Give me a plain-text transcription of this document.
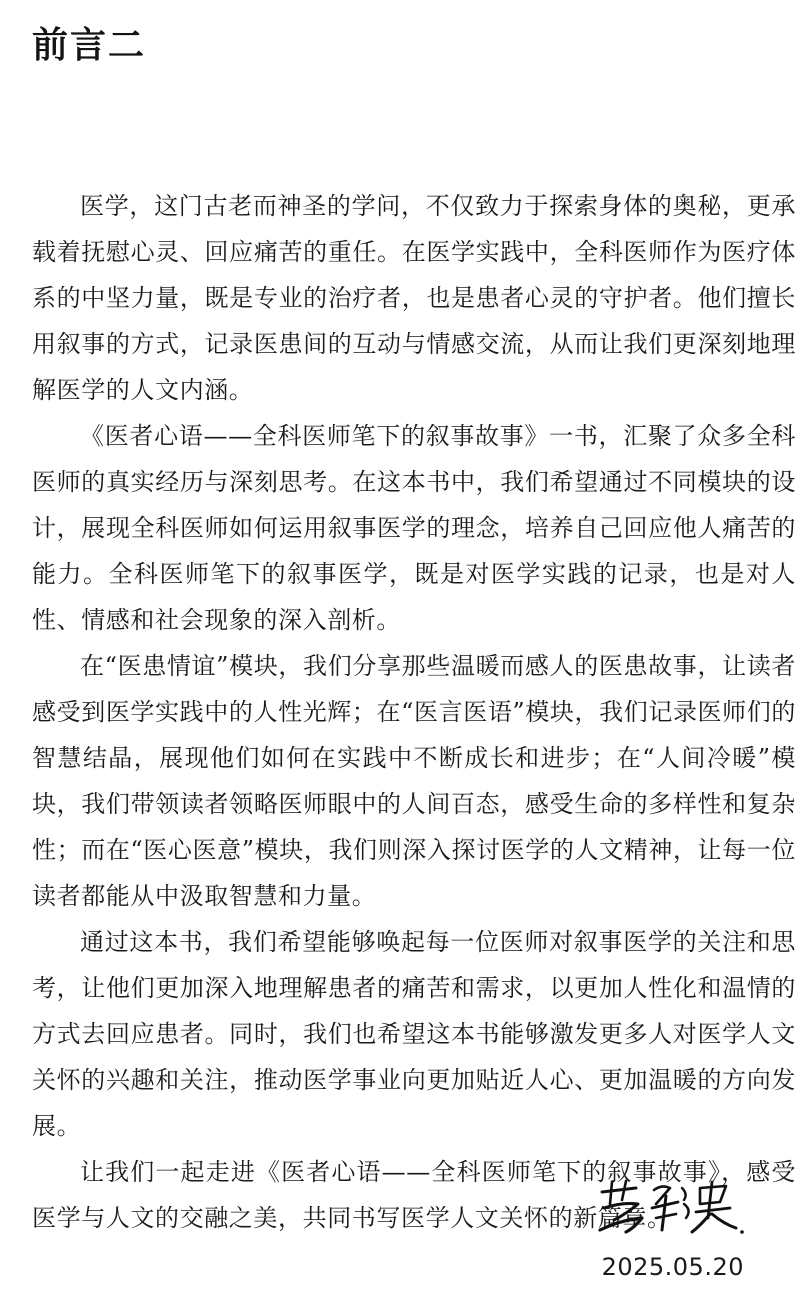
前言二

医学，这门古老而神圣的学问，不仅致力于探索身体的奥秘，更承载着抚慰心灵、回应痛苦的重任。在医学实践中，全科医师作为医疗体系的中坚力量，既是专业的治疗者，也是患者心灵的守护者。他们擅长用叙事的方式，记录医患间的互动与情感交流，从而让我们更深刻地理解医学的人文内涵。

《医者心语——全科医师笔下的叙事故事》一书，汇聚了众多全科医师的真实经历与深刻思考。在这本书中，我们希望通过不同模块的设计，展现全科医师如何运用叙事医学的理念，培养自己回应他人痛苦的能力。全科医师笔下的叙事医学，既是对医学实践的记录，也是对人性、情感和社会现象的深入剖析。

在“医患情谊”模块，我们分享那些温暖而感人的医患故事，让读者感受到医学实践中的人性光辉；在“医言医语”模块，我们记录医师们的智慧结晶，展现他们如何在实践中不断成长和进步；在“人间冷暖”模块，我们带领读者领略医师眼中的人间百态，感受生命的多样性和复杂性；而在“医心医意”模块，我们则深入探讨医学的人文精神，让每一位读者都能从中汲取智慧和力量。

通过这本书，我们希望能够唤起每一位医师对叙事医学的关注和思考，让他们更加深入地理解患者的痛苦和需求，以更加人性化和温情的方式去回应患者。同时，我们也希望这本书能够激发更多人对医学人文关怀的兴趣和关注，推动医学事业向更加贴近人心、更加温暖的方向发展。

让我们一起走进《医者心语——全科医师笔下的叙事故事》，感受医学与人文的交融之美，共同书写医学人文关怀的新篇章。

2025.05.20
